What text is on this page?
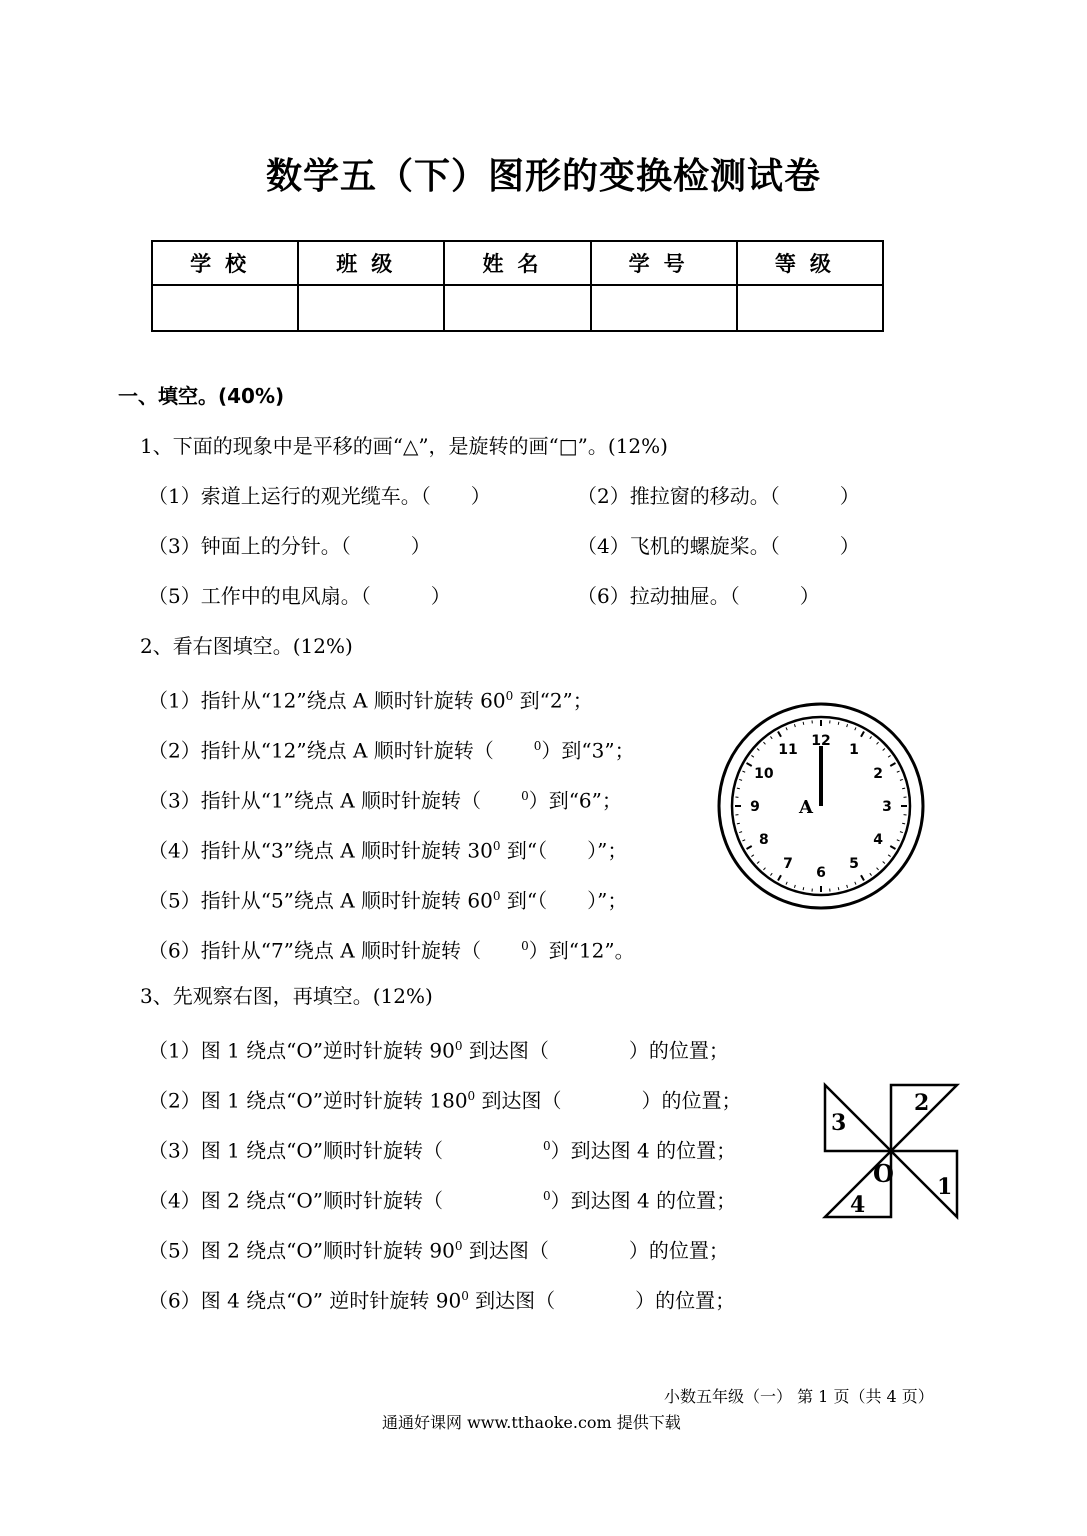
数学五（下）图形的变换检测试卷
学校	班级	姓名	学号	等级

一、填空。(40%)
1、下面的现象中是平移的画“△”，是旋转的画“□”。(12%)
（1）索道上运行的观光缆车。（　　）	（2）推拉窗的移动。（　　　）
（3）钟面上的分针。（　　　）	（4）飞机的螺旋桨。（　　　）
（5）工作中的电风扇。（　　　）	（6）拉动抽屉。（　　　）
2、看右图填空。(12%)
（1）指针从“12”绕点 A 顺时针旋转 $60^0$ 到“2”；
（2）指针从“12”绕点 A 顺时针旋转（　　$^0$）到“3”；
（3）指针从“1”绕点 A 顺时针旋转（　　$^0$）到“6”；
（4）指针从“3”绕点 A 顺时针旋转 $30^0$ 到“（　　）”；
（5）指针从“5”绕点 A 顺时针旋转 $60^0$ 到“（　　）”；
（6）指针从“7”绕点 A 顺时针旋转（　　$^0$）到“12”。
12
1
2
3
4
5
6
7
8
9
10
11
A
3、先观察右图，再填空。(12%)
（1）图 1 绕点“O”逆时针旋转 $90^0$ 到达图（　　　　）的位置；
（2）图 1 绕点“O”逆时针旋转 $180^0$ 到达图（　　　　）的位置；
（3）图 1 绕点“O”顺时针旋转（　　　　　$^0$）到达图 4 的位置；
（4）图 2 绕点“O”顺时针旋转（　　　　　$^0$）到达图 4 的位置；
（5）图 2 绕点“O”顺时针旋转 $90^0$ 到达图（　　　　）的位置；
（6）图 4 绕点“O” 逆时针旋转 $90^0$ 到达图（　　　　）的位置；
2
1
4
3
O
小数五年级（一） 第 1 页（共 4 页）
通通好课网 www.tthaoke.com 提供下载
